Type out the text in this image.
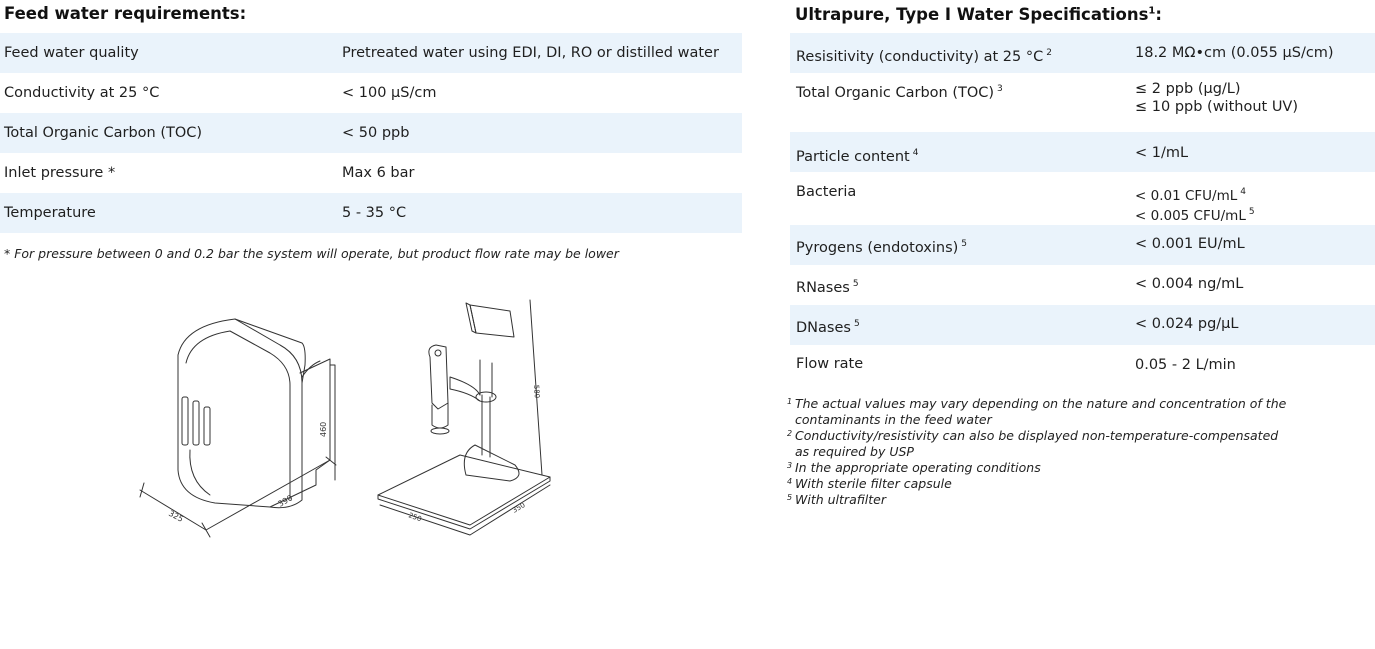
Feed water requirements:
Feed water quality	Pretreated water using EDI, DI, RO or distilled water
Conductivity at 25 °C	< 100 µS/cm
Total Organic Carbon (TOC)	< 50 ppb
Inlet pressure *	Max 6 bar
Temperature	5 - 35 °C
* For pressure between 0 and 0.2 bar the system will operate, but product flow rate may be lower
325
390
460
250
350
580
Ultrapure, Type I Water Specifications$^1$:
Resisitivity (conductivity) at 25 °C $^2$	18.2 MΩ•cm (0.055 µS/cm)
Total Organic Carbon (TOC) $^3$	≤ 2 ppb (µg/L)
≤ 10 ppb (without UV)
Particle content $^4$	< 1/mL
Bacteria	< 0.01 CFU/mL $^4$
< 0.005 CFU/mL $^5$
Pyrogens (endotoxins) $^5$	< 0.001 EU/mL
RNases $^5$	< 0.004 ng/mL
DNases $^5$	< 0.024 pg/µL
Flow rate	0.05 - 2 L/min
1 The actual values may vary depending on the nature and concentration of the
contaminants in the feed water
2 Conductivity/resistivity can also be displayed non-temperature-compensated
as required by USP
3 In the appropriate operating conditions
4 With sterile filter capsule
5 With ultrafilter
